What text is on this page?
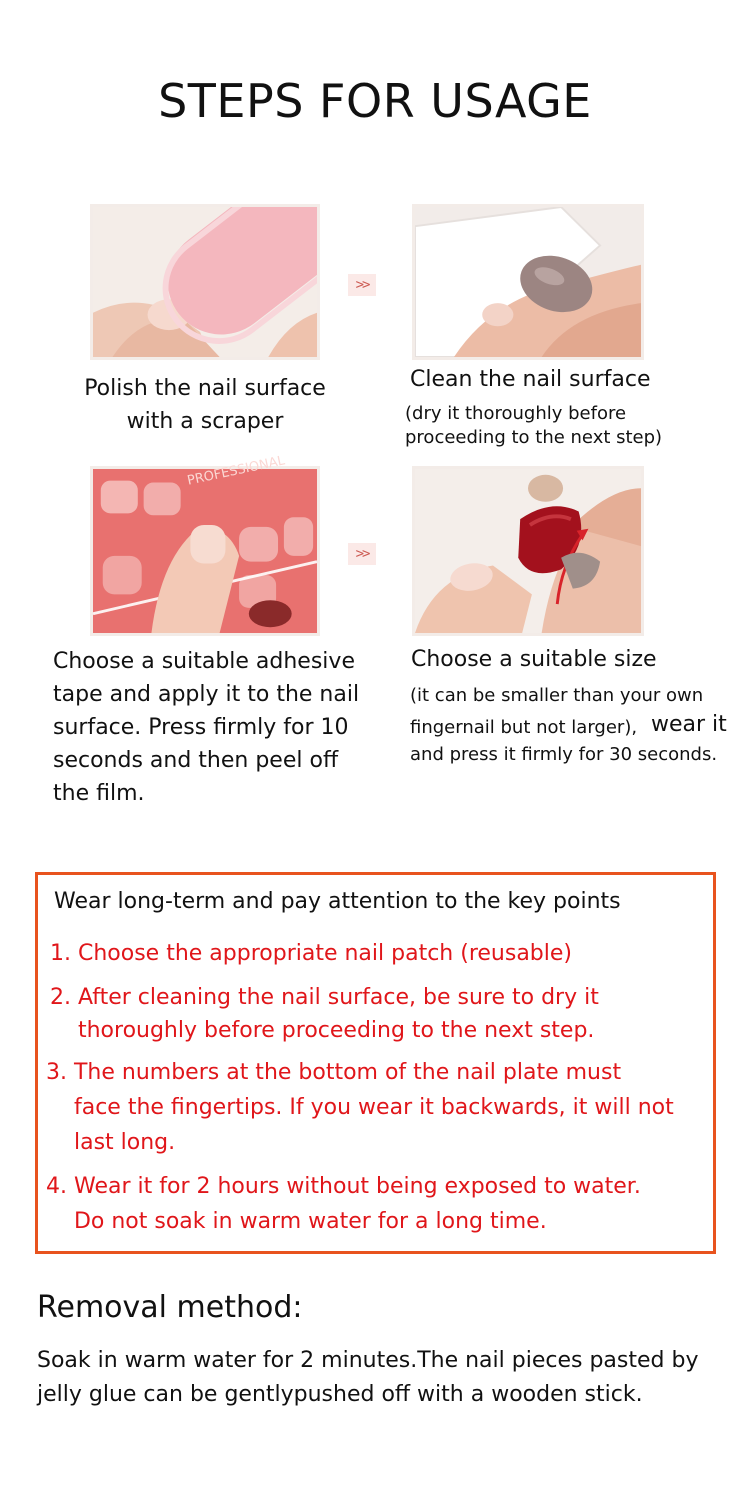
STEPS FOR USAGE
>>
Polish the nail surface
with a scraper
Clean the nail surface
(dry it thoroughly before
proceeding to the next step)
PROFESSIONAL
>>
Choose a suitable adhesive
tape and apply it to the nail
surface. Press firmly for 10
seconds and then peel off
the film.
Choose a suitable size
(it can be smaller than your own
fingernail but not larger), wear it
and press it firmly for 30 seconds.
Wear long-term and pay attention to the key points
1. Choose the appropriate nail patch (reusable)
2. After cleaning the nail surface, be sure to dry it
thoroughly before proceeding to the next step.
3. The numbers at the bottom of the nail plate must
face the fingertips. If you wear it backwards, it will not
last long.
4. Wear it for 2 hours without being exposed to water.
Do not soak in warm water for a long time.
Removal method:
Soak in warm water for 2 minutes.The nail pieces pasted by
jelly glue can be gentlypushed off with a wooden stick.
